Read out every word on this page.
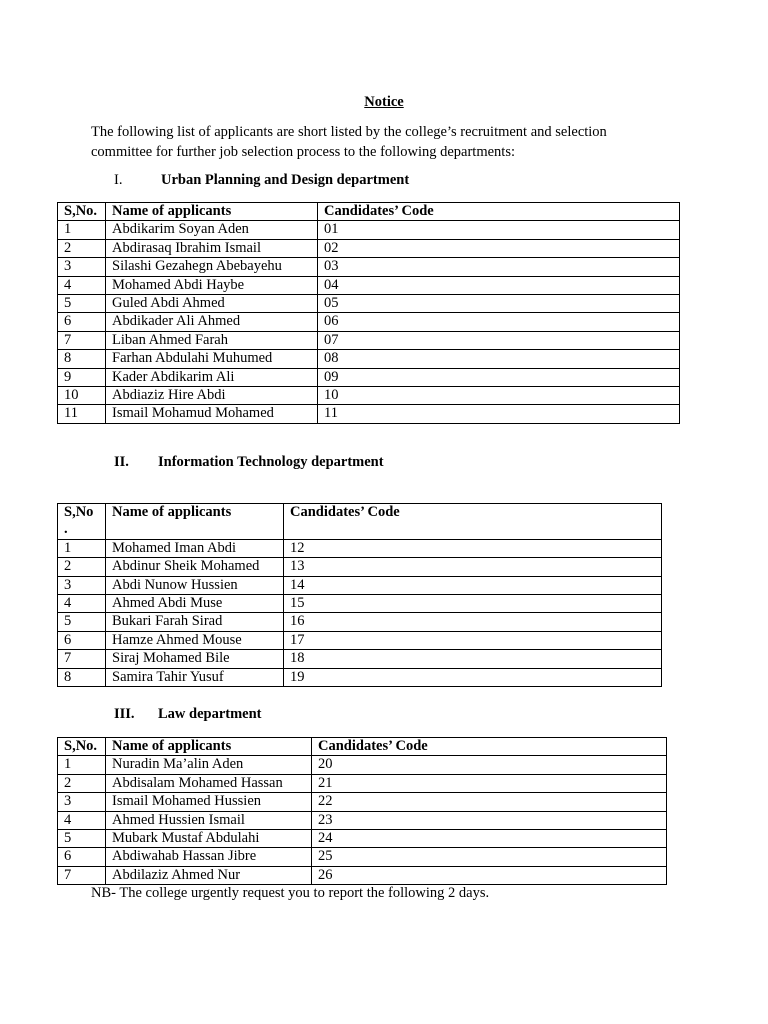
Notice
The following list of applicants are short listed by the college’s recruitment and selection committee for further job selection process to the following departments:
I.	Urban Planning and Design department
S,No.	Name of applicants	Candidates’ Code
1	Abdikarim Soyan Aden	01
2	Abdirasaq Ibrahim Ismail	02
3	Silashi Gezahegn Abebayehu	03
4	Mohamed Abdi Haybe	04
5	Guled Abdi Ahmed	05
6	Abdikader Ali Ahmed	06
7	Liban Ahmed Farah	07
8	Farhan Abdulahi Muhumed	08
9	Kader Abdikarim Ali	09
10	Abdiaziz Hire Abdi	10
11	Ismail Mohamud Mohamed	11
II. Information Technology department
S,No
.	Name of applicants	Candidates’ Code
1	Mohamed Iman Abdi	12
2	Abdinur Sheik Mohamed	13
3	Abdi Nunow Hussien	14
4	Ahmed Abdi Muse	15
5	Bukari Farah Sirad	16
6	Hamze Ahmed Mouse	17
7	Siraj Mohamed Bile	18
8	Samira Tahir Yusuf	19
III. Law department
S,No.	Name of applicants	Candidates’ Code
1	Nuradin Ma’alin Aden	20
2	Abdisalam Mohamed Hassan	21
3	Ismail Mohamed Hussien	22
4	Ahmed Hussien Ismail	23
5	Mubark Mustaf Abdulahi	24
6	Abdiwahab Hassan Jibre	25
7	Abdilaziz Ahmed Nur	26
NB- The college urgently request you to report the following 2 days.
